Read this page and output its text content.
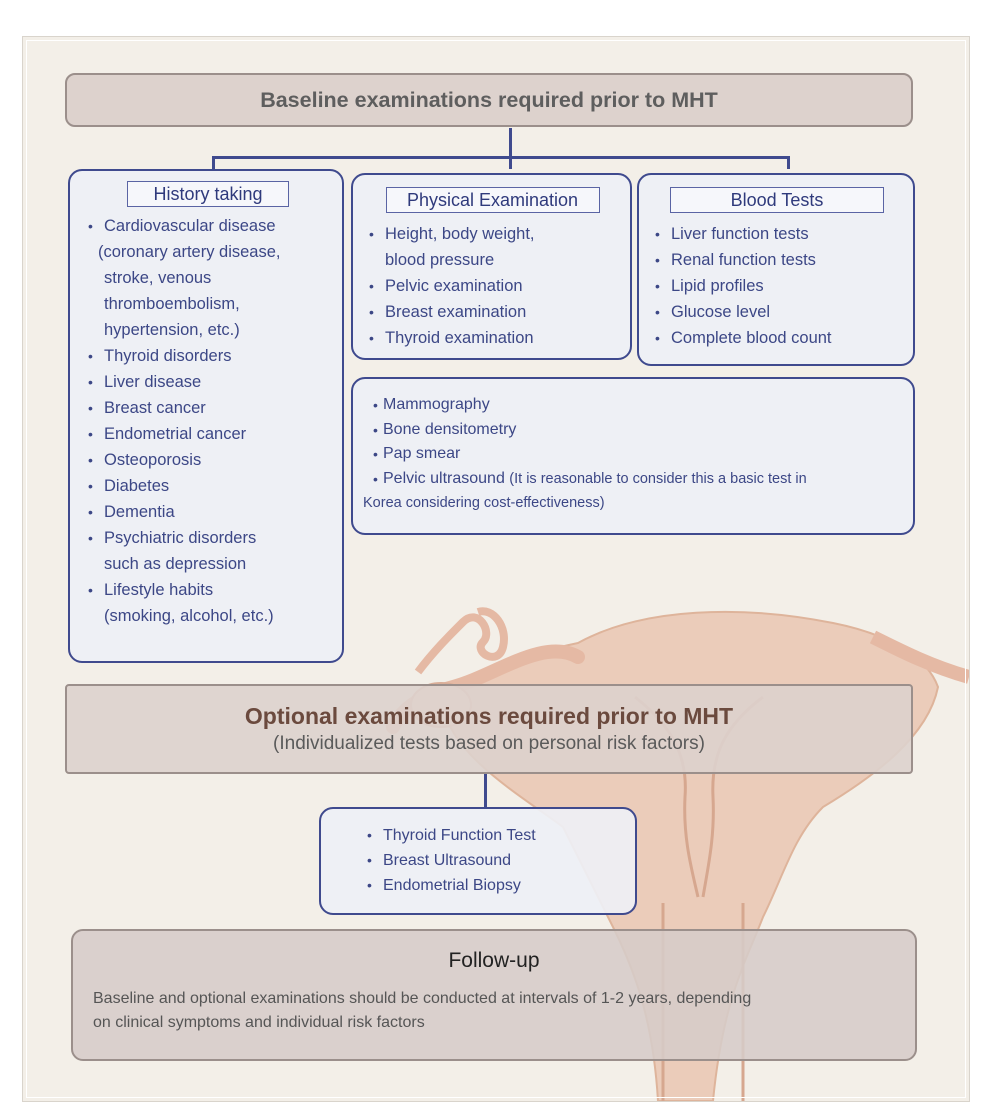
Baseline examinations required prior to MHT
History taking
• Cardiovascular disease
(coronary artery disease,
stroke, venous
thromboembolism,
hypertension, etc.)
• Thyroid disorders
• Liver disease
• Breast cancer
• Endometrial cancer
• Osteoporosis
• Diabetes
• Dementia
• Psychiatric disorders
such as depression
• Lifestyle habits
(smoking, alcohol, etc.)
Physical Examination
• Height, body weight,
blood pressure
• Pelvic examination
• Breast examination
• Thyroid examination
Blood Tests
• Liver function tests
• Renal function tests
• Lipid profiles
• Glucose level
• Complete blood count
• Mammography
• Bone densitometry
• Pap smear
• Pelvic ultrasound (It is reasonable to consider this a basic test in
Korea considering cost-effectiveness)
Optional examinations required prior to MHT
(Individualized tests based on personal risk factors)
• Thyroid Function Test
• Breast Ultrasound
• Endometrial Biopsy
Follow-up
Baseline and optional examinations should be conducted at intervals of 1-2 years, depending
on clinical symptoms and individual risk factors
